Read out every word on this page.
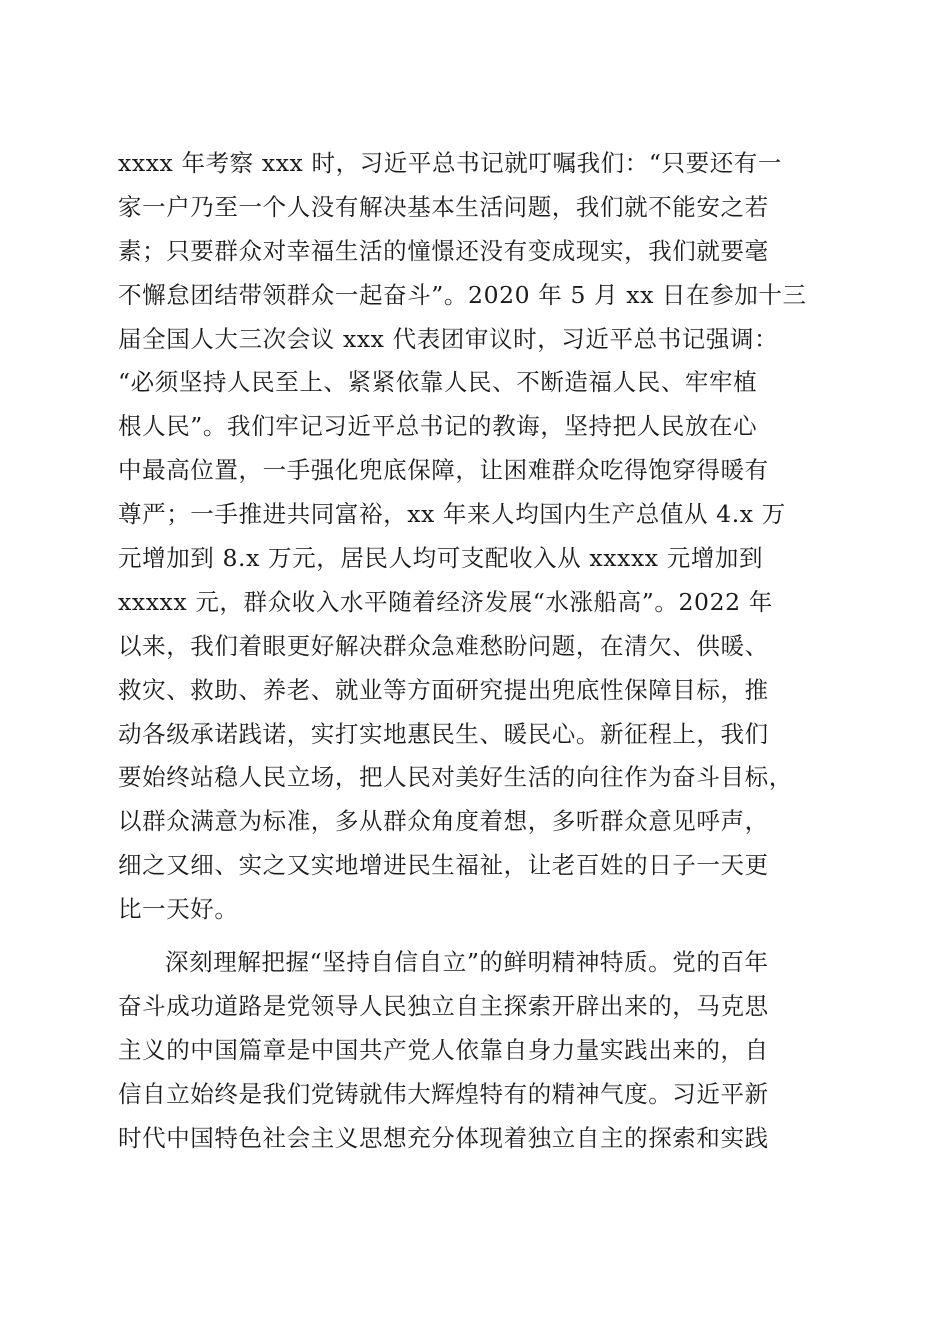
xxxx 年考察 xxx 时，习近平总书记就叮嘱我们：“只要还有一
家一户乃至一个人没有解决基本生活问题，我们就不能安之若
素；只要群众对幸福生活的憧憬还没有变成现实，我们就要毫
不懈怠团结带领群众一起奋斗”。2020 年 5 月 xx 日在参加十三
届全国人大三次会议 xxx 代表团审议时，习近平总书记强调：
“必须坚持人民至上、紧紧依靠人民、不断造福人民、牢牢植
根人民”。我们牢记习近平总书记的教诲，坚持把人民放在心
中最高位置，一手强化兜底保障，让困难群众吃得饱穿得暖有
尊严；一手推进共同富裕，xx 年来人均国内生产总值从 4.x 万
元增加到 8.x 万元，居民人均可支配收入从 xxxxx 元增加到
xxxxx 元，群众收入水平随着经济发展“水涨船高”。2022 年
以来，我们着眼更好解决群众急难愁盼问题，在清欠、供暖、
救灾、救助、养老、就业等方面研究提出兜底性保障目标，推
动各级承诺践诺，实打实地惠民生、暖民心。新征程上，我们
要始终站稳人民立场，把人民对美好生活的向往作为奋斗目标，
以群众满意为标准，多从群众角度着想，多听群众意见呼声，
细之又细、实之又实地增进民生福祉，让老百姓的日子一天更
比一天好。
深刻理解把握“坚持自信自立”的鲜明精神特质。党的百年
奋斗成功道路是党领导人民独立自主探索开辟出来的，马克思
主义的中国篇章是中国共产党人依靠自身力量实践出来的，自
信自立始终是我们党铸就伟大辉煌特有的精神气度。习近平新
时代中国特色社会主义思想充分体现着独立自主的探索和实践
